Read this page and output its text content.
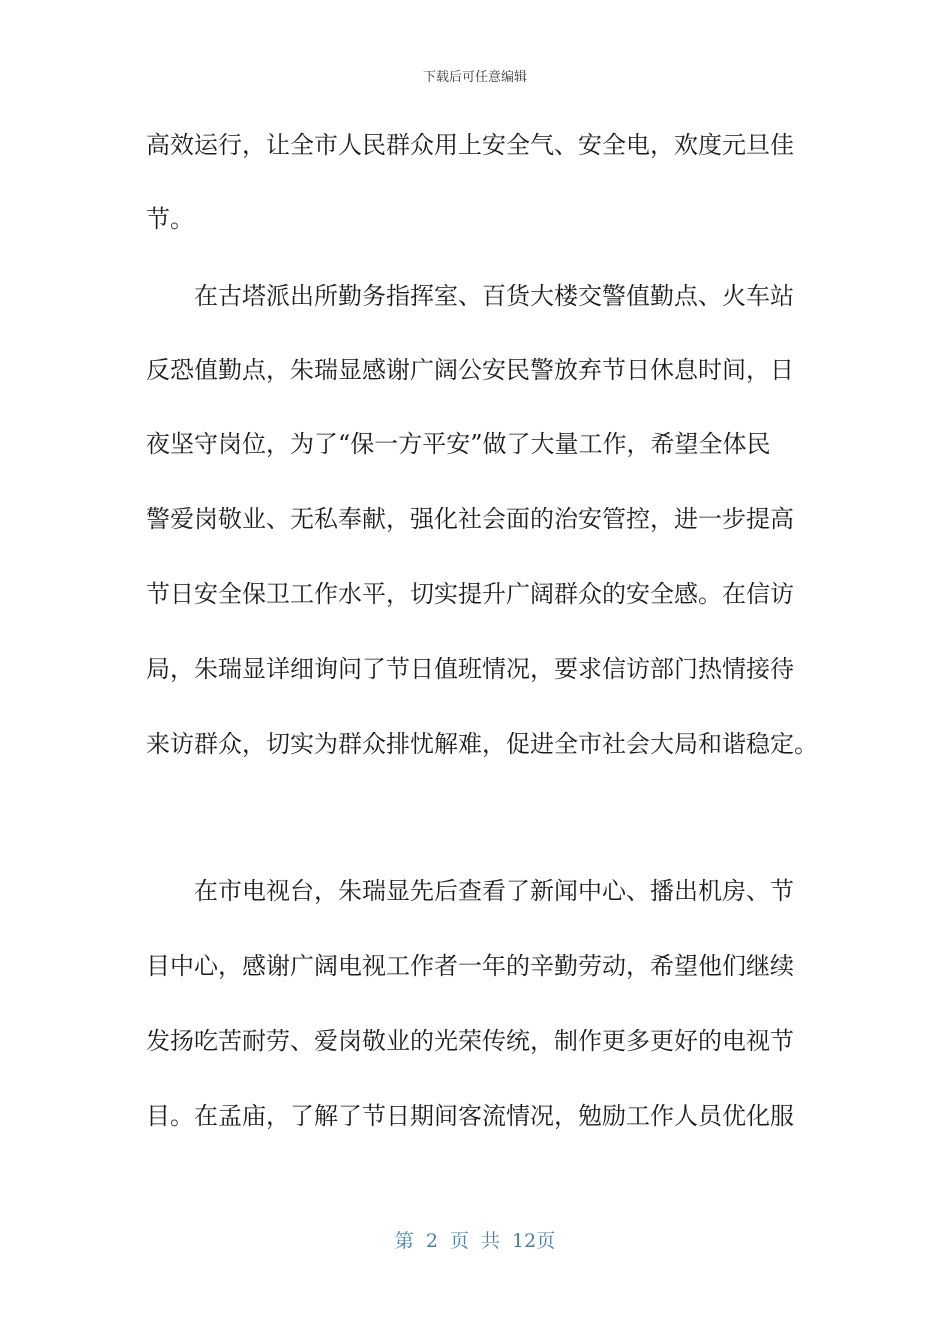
下载后可任意编辑
高效运行，让全市人民群众用上安全气、安全电，欢度元旦佳
节。
在古塔派出所勤务指挥室、百货大楼交警值勤点、火车站
反恐值勤点，朱瑞显感谢广阔公安民警放弃节日休息时间，日
夜坚守岗位，为了“保一方平安”做了大量工作，希望全体民
警爱岗敬业、无私奉献，强化社会面的治安管控，进一步提高
节日安全保卫工作水平，切实提升广阔群众的安全感。在信访
局，朱瑞显详细询问了节日值班情况，要求信访部门热情接待
来访群众，切实为群众排忧解难，促进全市社会大局和谐稳定。
在市电视台，朱瑞显先后查看了新闻中心、播出机房、节
目中心，感谢广阔电视工作者一年的辛勤劳动，希望他们继续
发扬吃苦耐劳、爱岗敬业的光荣传统，制作更多更好的电视节
目。在孟庙，了解了节日期间客流情况，勉励工作人员优化服
第 2 页 共 12页
